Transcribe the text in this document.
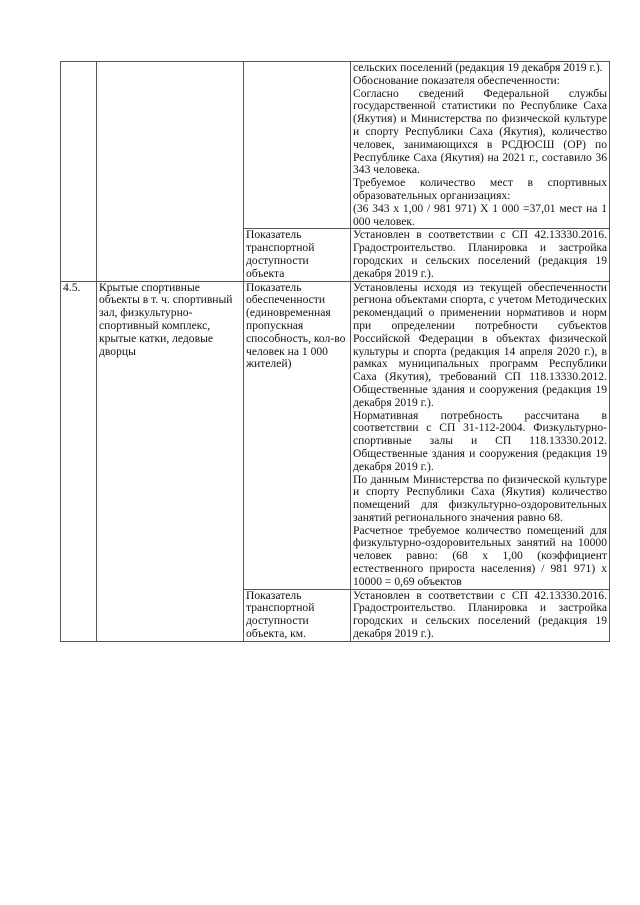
			сельских поселений (редакция 19 декабря 2019 г.).

Обоснование показателя обеспеченности:

Согласно сведений Федеральной службы государственной статистики по Республике Саха (Якутия) и Министерства по физической культуре и спорту Республики Саха (Якутия), количество человек, занимающихся в РСДЮСШ (ОР) по Республике Саха (Якутия) на 2021 г., составило 36 343 человека.

Требуемое количество мест в спортивных образовательных организациях:

(36 343 х 1,00 / 981 971) Х 1 000 =37,01 мест на 1 000 человек.

		Показатель транспортной доступности объекта	Установлен в соответствии с СП 42.13330.2016. Градостроительство. Планировка и застройка городских и сельских поселений (редакция 19 декабря 2019 г.).

4.5.	Крытые спортивные объекты в т. ч. спортивный зал, физкультурно-спортивный комплекс, крытые катки, ледовые дворцы	Показатель обеспеченности (единовременная пропускная способность, кол-во человек на 1 000 жителей)	Установлены исходя из текущей обеспеченности региона объектами спорта, с учетом Методических рекомендаций о применении нормативов и норм при определении потребности субъектов Российской Федерации в объектах физической культуры и спорта (редакция 14 апреля 2020 г.), в рамках муниципальных программ Республики Саха (Якутия), требований СП 118.13330.2012. Общественные здания и сооружения (редакция 19 декабря 2019 г.).

Нормативная потребность рассчитана в соответствии с СП 31-112-2004. Физкультурно-спортивные залы и СП 118.13330.2012. Общественные здания и сооружения (редакция 19 декабря 2019 г.).

По данным Министерства по физической культуре и спорту Республики Саха (Якутия) количество помещений для физкультурно-оздоровительных занятий регионального значения равно 68.

Расчетное требуемое количество помещений для физкультурно-оздоровительных занятий на 10000 человек равно: (68 х 1,00 (коэффициент естественного прироста населения) / 981 971) х 10000 = 0,69 объектов

		Показатель транспортной доступности объекта, км.	Установлен в соответствии с СП 42.13330.2016. Градостроительство. Планировка и застройка городских и сельских поселений (редакция 19 декабря 2019 г.).
